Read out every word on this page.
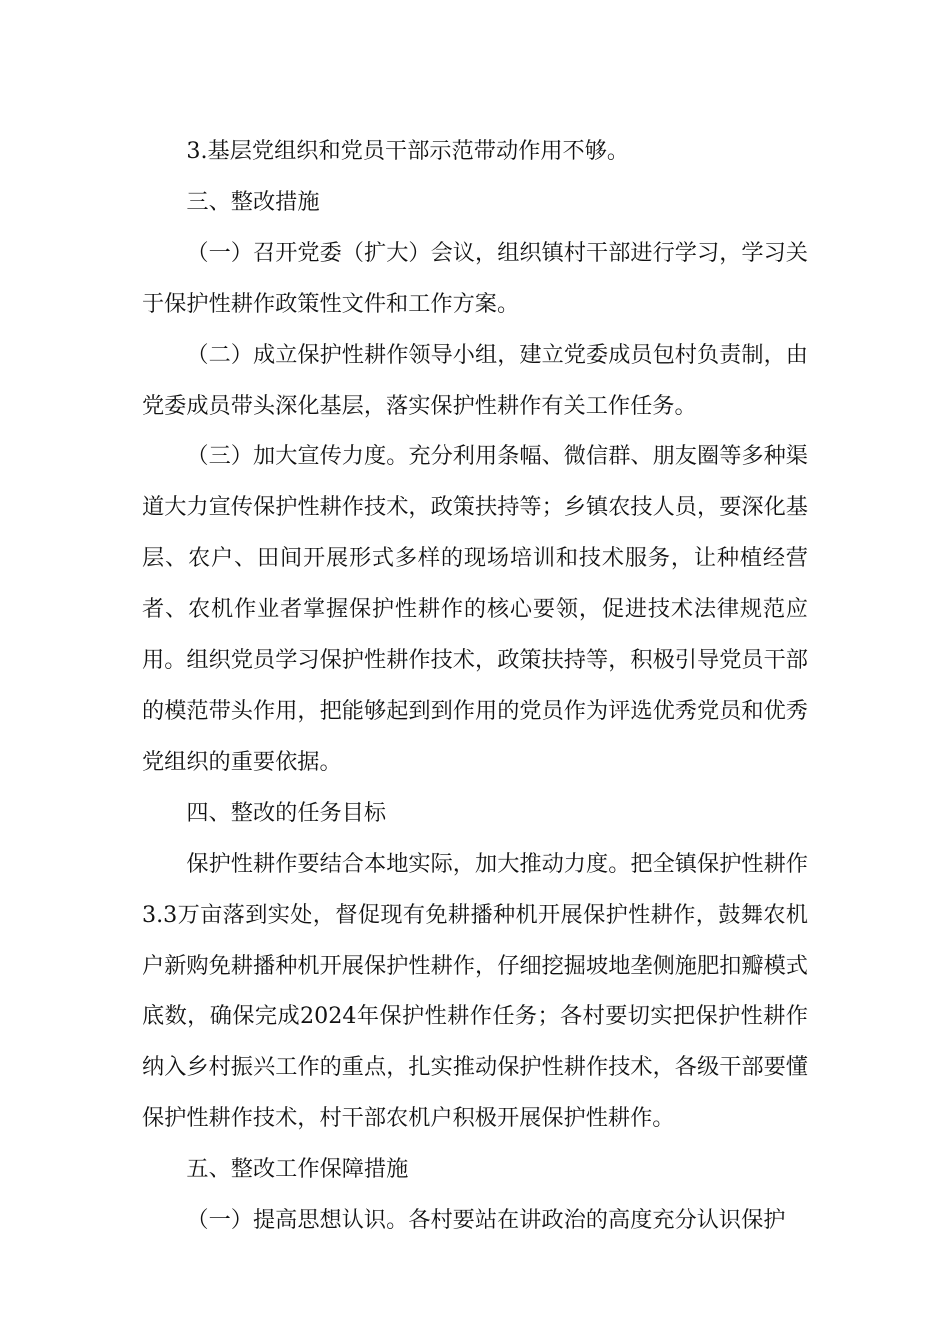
3.基层党组织和党员干部示范带动作用不够。

三、整改措施

（一）召开党委（扩大）会议，组织镇村干部进行学习，学习关于保护性耕作政策性文件和工作方案。

（二）成立保护性耕作领导小组，建立党委成员包村负责制，由党委成员带头深化基层，落实保护性耕作有关工作任务。

（三）加大宣传力度。充分利用条幅、微信群、朋友圈等多种渠道大力宣传保护性耕作技术，政策扶持等；乡镇农技人员，要深化基层、农户、田间开展形式多样的现场培训和技术服务，让种植经营者、农机作业者掌握保护性耕作的核心要领，促进技术法律规范应用。组织党员学习保护性耕作技术，政策扶持等，积极引导党员干部的模范带头作用，把能够起到到作用的党员作为评选优秀党员和优秀党组织的重要依据。

四、整改的任务目标

保护性耕作要结合本地实际，加大推动力度。把全镇保护性耕作3.3万亩落到实处，督促现有免耕播种机开展保护性耕作，鼓舞农机户新购免耕播种机开展保护性耕作，仔细挖掘坡地垄侧施肥扣瓣模式底数，确保完成2024年保护性耕作任务；各村要切实把保护性耕作纳入乡村振兴工作的重点，扎实推动保护性耕作技术，各级干部要懂保护性耕作技术，村干部农机户积极开展保护性耕作。

五、整改工作保障措施

（一）提高思想认识。各村要站在讲政治的高度充分认识保护
